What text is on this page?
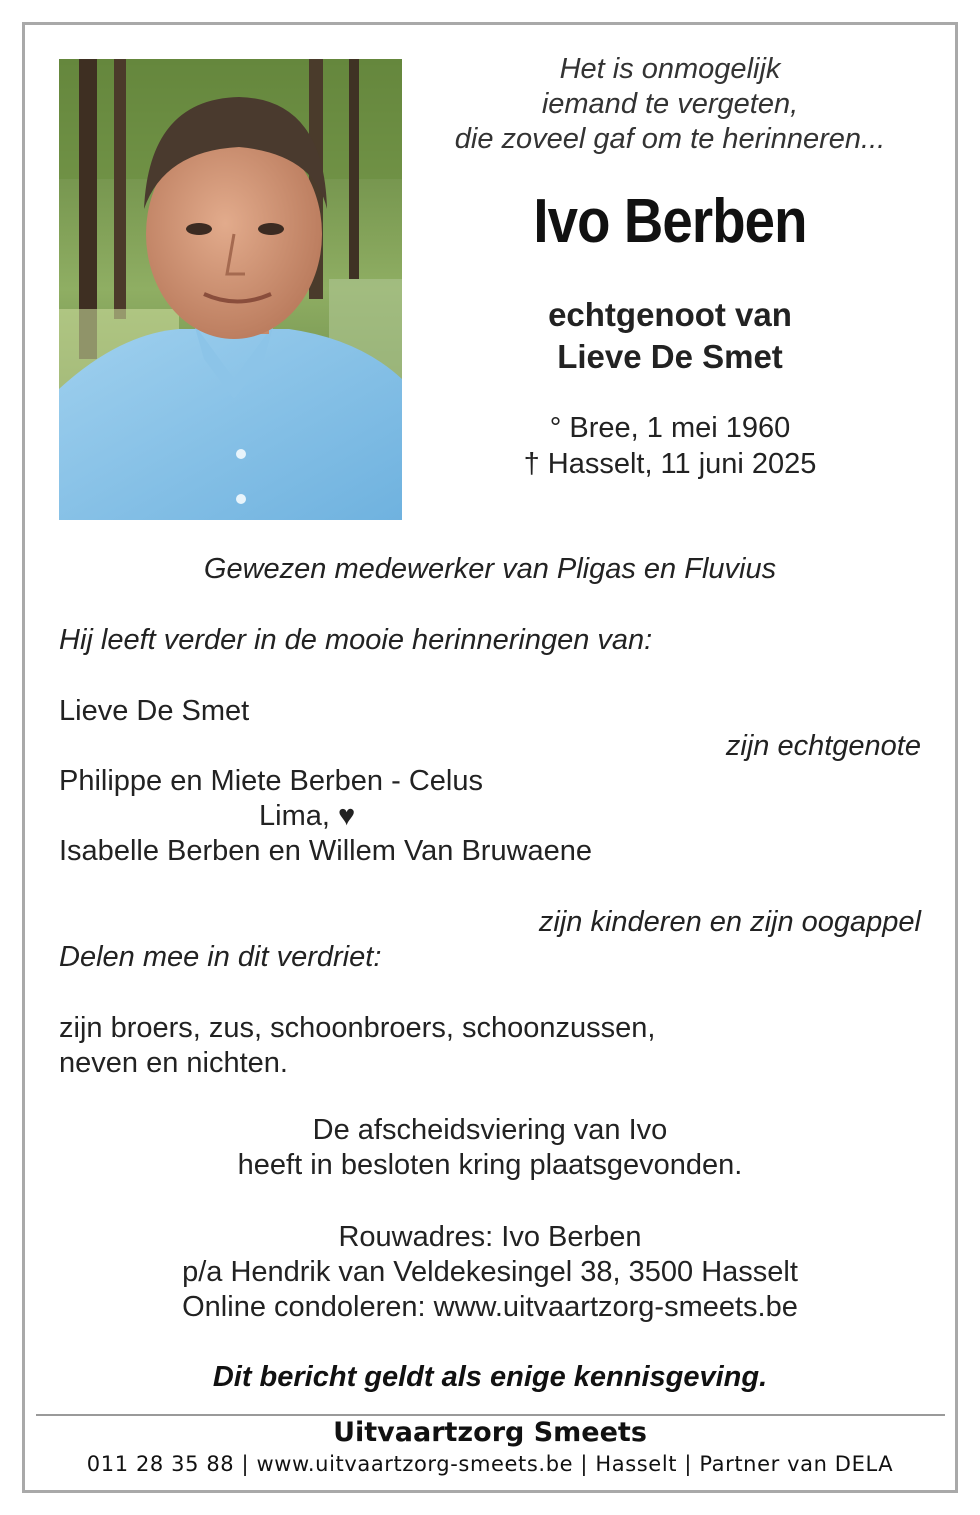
Het is onmogelijk
iemand te vergeten,
die zoveel gaf om te herinneren...
Ivo Berben
echtgenoot van
Lieve De Smet
° Bree, 1 mei 1960
† Hasselt, 11 juni 2025
Gewezen medewerker van Pligas en Fluvius
Hij leeft verder in de mooie herinneringen van:
Lieve De Smet
zijn echtgenote
Philippe en Miete Berben - Celus
Lima, ♥
Isabelle Berben en Willem Van Bruwaene
zijn kinderen en zijn oogappel
Delen mee in dit verdriet:
zijn broers, zus, schoonbroers, schoonzussen,
neven en nichten.
De afscheidsviering van Ivo
heeft in besloten kring plaatsgevonden.
Rouwadres: Ivo Berben
p/a Hendrik van Veldekesingel 38, 3500 Hasselt
Online condoleren: www.uitvaartzorg-smeets.be
Dit bericht geldt als enige kennisgeving.
Uitvaartzorg Smeets
011 28 35 88 | www.uitvaartzorg-smeets.be | Hasselt | Partner van DELA
